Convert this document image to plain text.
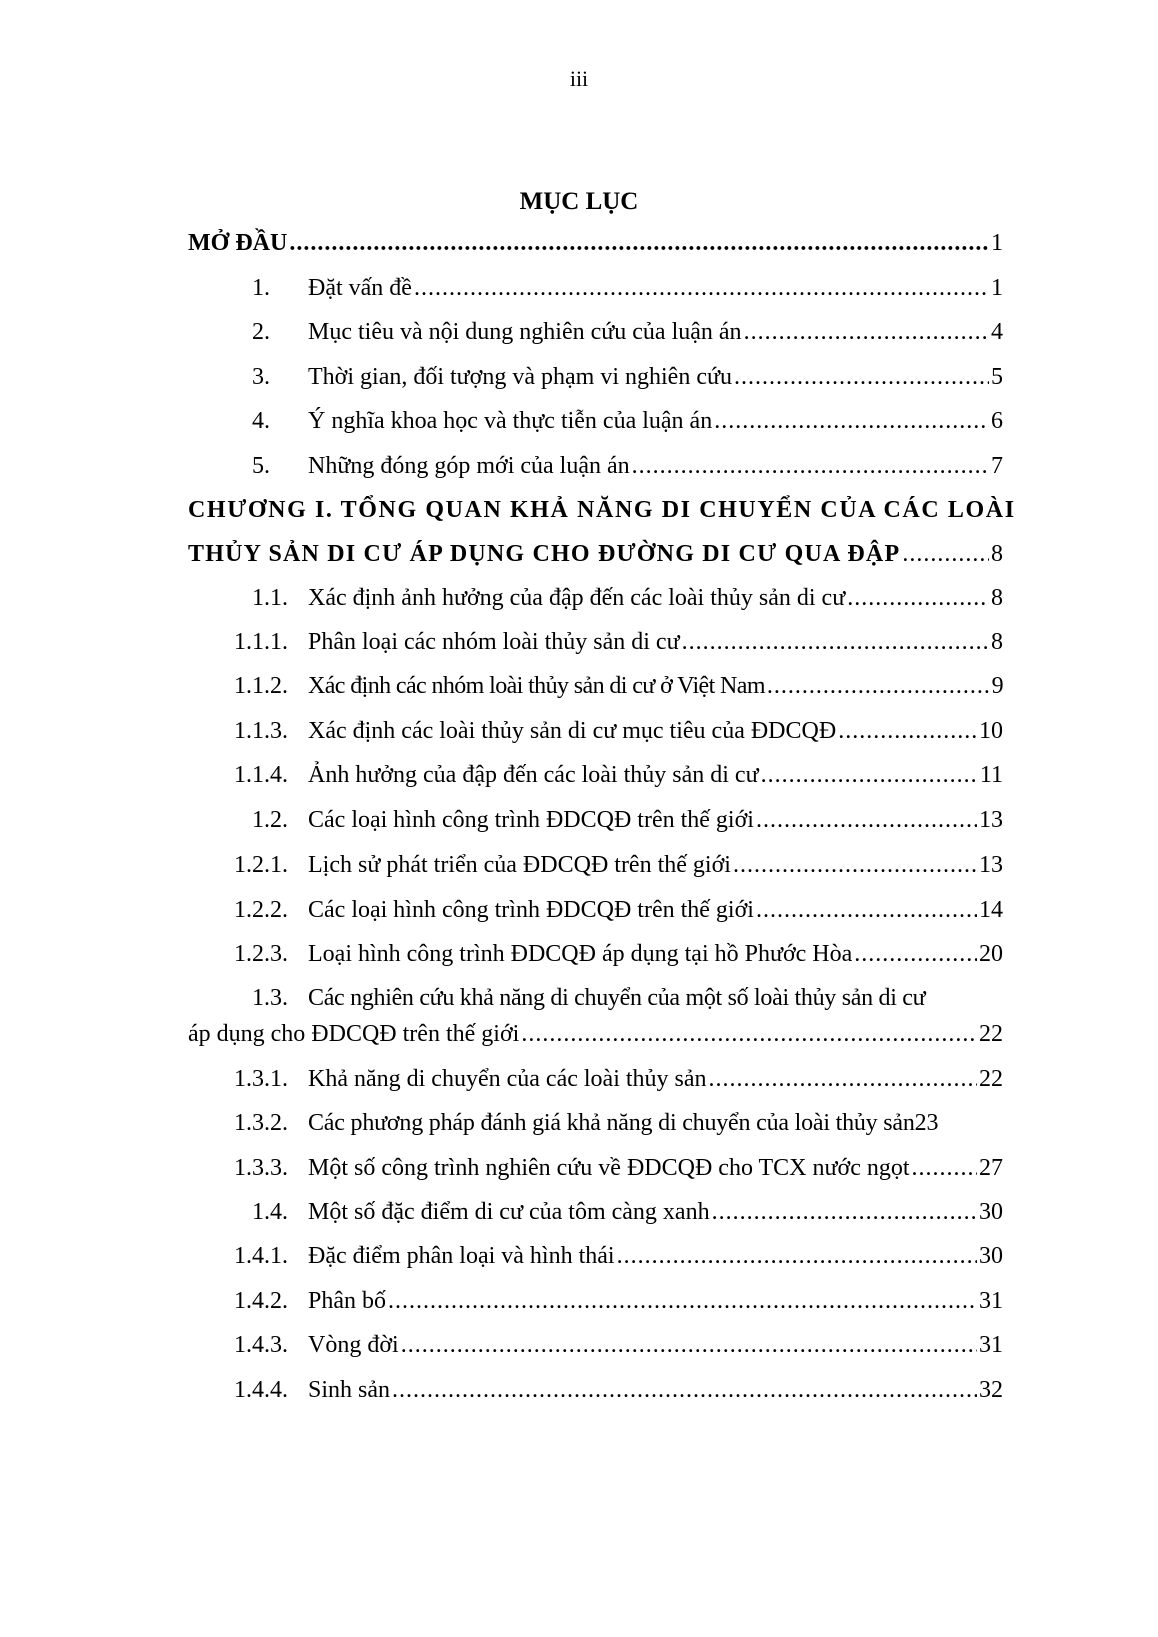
iii
MỤC LỤC
MỞ ĐẦU .....	1
1. Đặt vấn đề .....	1
2. Mục tiêu và nội dung nghiên cứu của luận án .....	4
3. Thời gian, đối tượng và phạm vi nghiên cứu .....	5
4. Ý nghĩa khoa học và thực tiễn của luận án .....	6
5. Những đóng góp mới của luận án .....	7
CHƯƠNG I. TỔNG QUAN KHẢ NĂNG DI CHUYỂN CỦA CÁC LOÀI
THỦY SẢN DI CƯ ÁP DỤNG CHO ĐƯỜNG DI CƯ QUA ĐẬP .....	8
1.1. Xác định ảnh hưởng của đập đến các loài thủy sản di cư .....	8
1.1.1. Phân loại các nhóm loài thủy sản di cư .....	8
1.1.2. Xác định các nhóm loài thủy sản di cư ở Việt Nam .....	9
1.1.3. Xác định các loài thủy sản di cư mục tiêu của ĐDCQĐ .....	10
1.1.4. Ảnh hưởng của đập đến các loài thủy sản di cư .....	11
1.2. Các loại hình công trình ĐDCQĐ trên thế giới .....	13
1.2.1. Lịch sử phát triển của ĐDCQĐ trên thế giới .....	13
1.2.2. Các loại hình công trình ĐDCQĐ trên thế giới .....	14
1.2.3. Loại hình công trình ĐDCQĐ áp dụng tại hồ Phước Hòa .....	20
1.3. Các nghiên cứu khả năng di chuyển của một số loài thủy sản di cư
áp dụng cho ĐDCQĐ trên thế giới .....	22
1.3.1. Khả năng di chuyển của các loài thủy sản .....	22
1.3.2. Các phương pháp đánh giá khả năng di chuyển của loài thủy sản23
1.3.3. Một số công trình nghiên cứu về ĐDCQĐ cho TCX nước ngọt .....	27
1.4. Một số đặc điểm di cư của tôm càng xanh .....	30
1.4.1. Đặc điểm phân loại và hình thái .....	30
1.4.2. Phân bố .....	31
1.4.3. Vòng đời .....	31
1.4.4. Sinh sản .....	32
